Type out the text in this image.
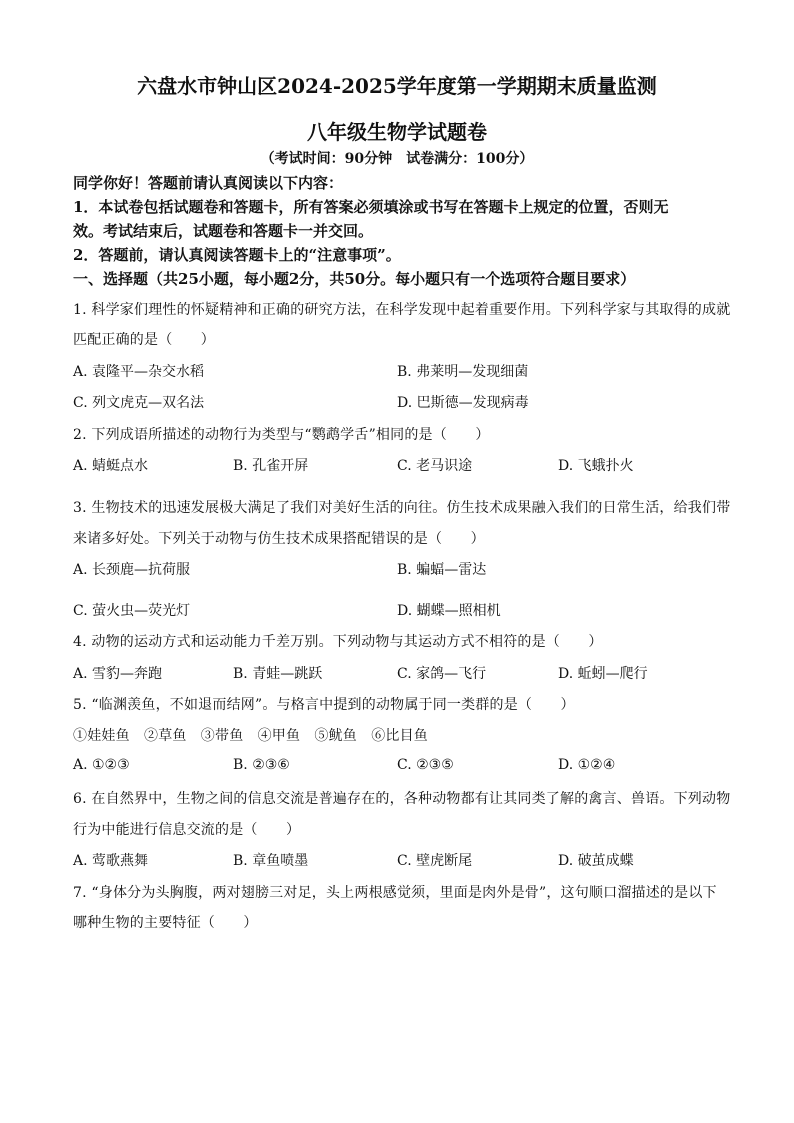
六盘水市钟山区2024-2025学年度第一学期期末质量监测
八年级生物学试题卷
（考试时间：90分钟　试卷满分：100分）
同学你好！答题前请认真阅读以下内容：
1．本试卷包括试题卷和答题卡，所有答案必须填涂或书写在答题卡上规定的位置，否则无
效。考试结束后，试题卷和答题卡一并交回。
2．答题前，请认真阅读答题卡上的“注意事项”。
一、选择题（共25小题，每小题2分，共50分。每小题只有一个选项符合题目要求）
1. 科学家们理性的怀疑精神和正确的研究方法，在科学发现中起着重要作用。下列科学家与其取得的成就
匹配正确的是（　　）
A. 袁隆平—杂交水稻	B. 弗莱明—发现细菌
C. 列文虎克—双名法	D. 巴斯德—发现病毒
2. 下列成语所描述的动物行为类型与“鹦鹉学舌”相同的是（　　）
A. 蜻蜓点水	B. 孔雀开屏	C. 老马识途	D. 飞蛾扑火
3. 生物技术的迅速发展极大满足了我们对美好生活的向往。仿生技术成果融入我们的日常生活，给我们带
来诸多好处。下列关于动物与仿生技术成果搭配错误的是（　　）
A. 长颈鹿—抗荷服	B. 蝙蝠—雷达
C. 萤火虫—荧光灯	D. 蝴蝶—照相机
4. 动物的运动方式和运动能力千差万别。下列动物与其运动方式不相符的是（　　）
A. 雪豹—奔跑	B. 青蛙—跳跃	C. 家鸽—飞行	D. 蚯蚓—爬行
5. “临渊羡鱼，不如退而结网”。与格言中提到的动物属于同一类群的是（　　）
①娃娃鱼　②草鱼　③带鱼　④甲鱼　⑤鱿鱼　⑥比目鱼
A. ①②③	B. ②③⑥	C. ②③⑤	D. ①②④
6. 在自然界中，生物之间的信息交流是普遍存在的，各种动物都有让其同类了解的禽言、兽语。下列动物
行为中能进行信息交流的是（　　）
A. 莺歌燕舞	B. 章鱼喷墨	C. 壁虎断尾	D. 破茧成蝶
7. “身体分为头胸腹，两对翅膀三对足，头上两根感觉须，里面是肉外是骨”，这句顺口溜描述的是以下
哪种生物的主要特征（　　）
